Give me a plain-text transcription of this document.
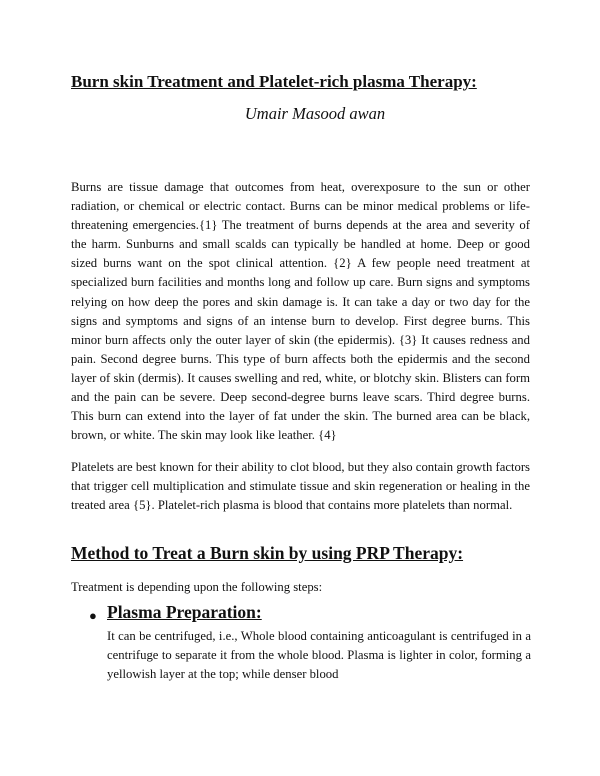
Burn skin Treatment and Platelet-rich plasma Therapy:
Umair Masood awan

Burns are tissue damage that outcomes from heat, overexposure to the sun or other radiation, or chemical or electric contact. Burns can be minor medical problems or life-threatening emergencies.{1} The treatment of burns depends at the area and severity of the harm. Sunburns and small scalds can typically be handled at home. Deep or good sized burns want on the spot clinical attention. {2} A few people need treatment at specialized burn facilities and months long and follow up care. Burn signs and symptoms relying on how deep the pores and skin damage is. It can take a day or two day for the signs and symptoms and signs of an intense burn to develop. First degree burns. This minor burn affects only the outer layer of skin (the epidermis). {3} It causes redness and pain. Second degree burns. This type of burn affects both the epidermis and the second layer of skin (dermis). It causes swelling and red, white, or blotchy skin. Blisters can form and the pain can be severe. Deep second-degree burns leave scars. Third degree burns. This burn can extend into the layer of fat under the skin. The burned area can be black, brown, or white. The skin may look like leather. {4}

Platelets are best known for their ability to clot blood, but they also contain growth factors that trigger cell multiplication and stimulate tissue and skin regeneration or healing in the treated area {5}. Platelet-rich plasma is blood that contains more platelets than normal.

Method to Treat a Burn skin by using PRP Therapy:
Treatment is depending upon the following steps:
● Plasma Preparation:

It can be centrifuged, i.e., Whole blood containing anticoagulant is centrifuged in a centrifuge to separate it from the whole blood. Plasma is lighter in color, forming a yellowish layer at the top; while denser blood
